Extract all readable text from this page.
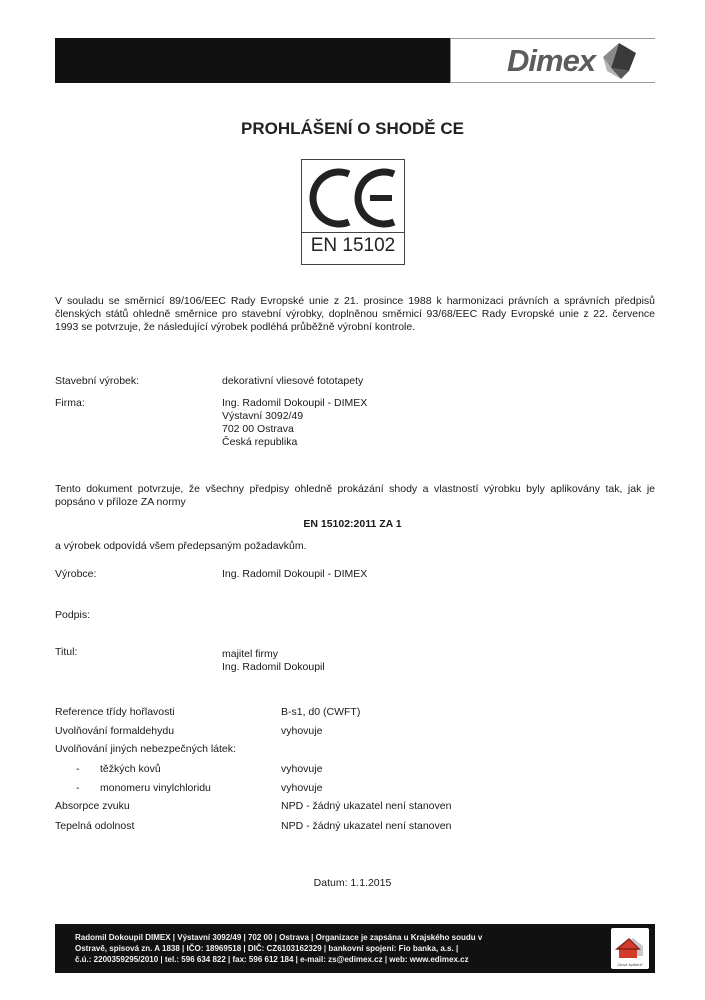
Dimex
PROHLÁŠENÍ O SHODĚ CE
EN 15102
V souladu se směrnicí 89/106/EEC Rady Evropské unie z 21. prosince 1988 k harmonizaci právních a správních předpisů členských států ohledně směrnice pro stavební výrobky, doplněnou směrnicí 93/68/EEC Rady Evropské unie z 22. července 1993 se potvrzuje, že následující výrobek podléhá průběžně výrobní kontrole.
Stavební výrobek:	dekorativní vliesové fototapety
Firma:	Ing. Radomil Dokoupil - DIMEX
Výstavní 3092/49
702 00 Ostrava
Česká republika
Tento dokument potvrzuje, že všechny předpisy ohledně prokázání shody a vlastností výrobku byly aplikovány tak, jak je popsáno v příloze ZA normy
EN 15102:2011 ZA 1
a výrobek odpovídá všem předepsaným požadavkům.
Výrobce:	Ing. Radomil Dokoupil - DIMEX
Podpis:
Titul:	majitel firmy
Ing. Radomil Dokoupil
Reference třídy hořlavosti	B-s1, d0 (CWFT)
Uvolňování formaldehydu	vyhovuje
Uvolňování jiných nebezpečných látek:
- těžkých kovů	vyhovuje
- monomeru vinylchloridu	vyhovuje
Absorpce zvuku	NPD - žádný ukazatel není stanoven
Tepelná odolnost	NPD - žádný ukazatel není stanoven
Datum: 1.1.2015
Radomil Dokoupil DIMEX | Výstavní 3092/49 | 702 00 | Ostrava | Organizace je zapsána u Krajského soudu v
Ostravě, spisová zn. A 1838 | IČO: 18969518 | DIČ: CZ6103162329 | bankovní spojení: Fio banka, a.s. |
č.ú.: 2200359295/2010 | tel.: 596 634 822 | fax: 596 612 184 | e-mail: zs@edimex.cz | web: www.edimex.cz
„Nové bydlení“
